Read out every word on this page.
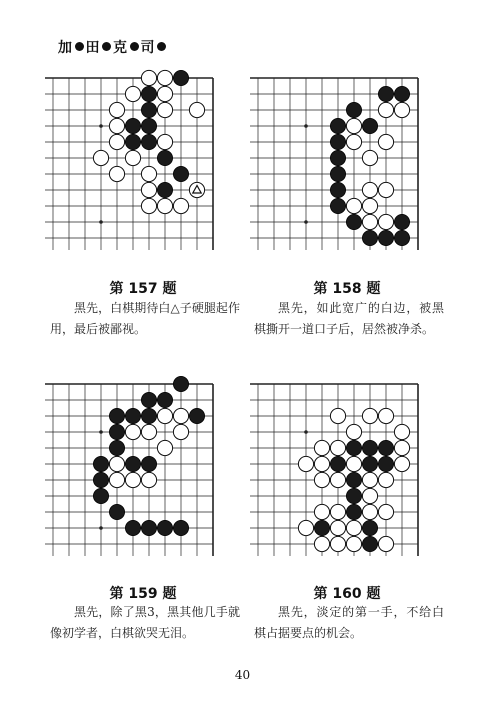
加 田 克 司
第 157 题
黑先，白棋期待白△子硬腿起作用，最后被鄙视。
第 158 题
黑先，如此宽广的白边，被黑棋撕开一道口子后，居然被净杀。
第 159 题
黑先，除了黑3，黑其他几手就像初学者，白棋欲哭无泪。
第 160 题
黑先，淡定的第一手，不给白棋占据要点的机会。
40
